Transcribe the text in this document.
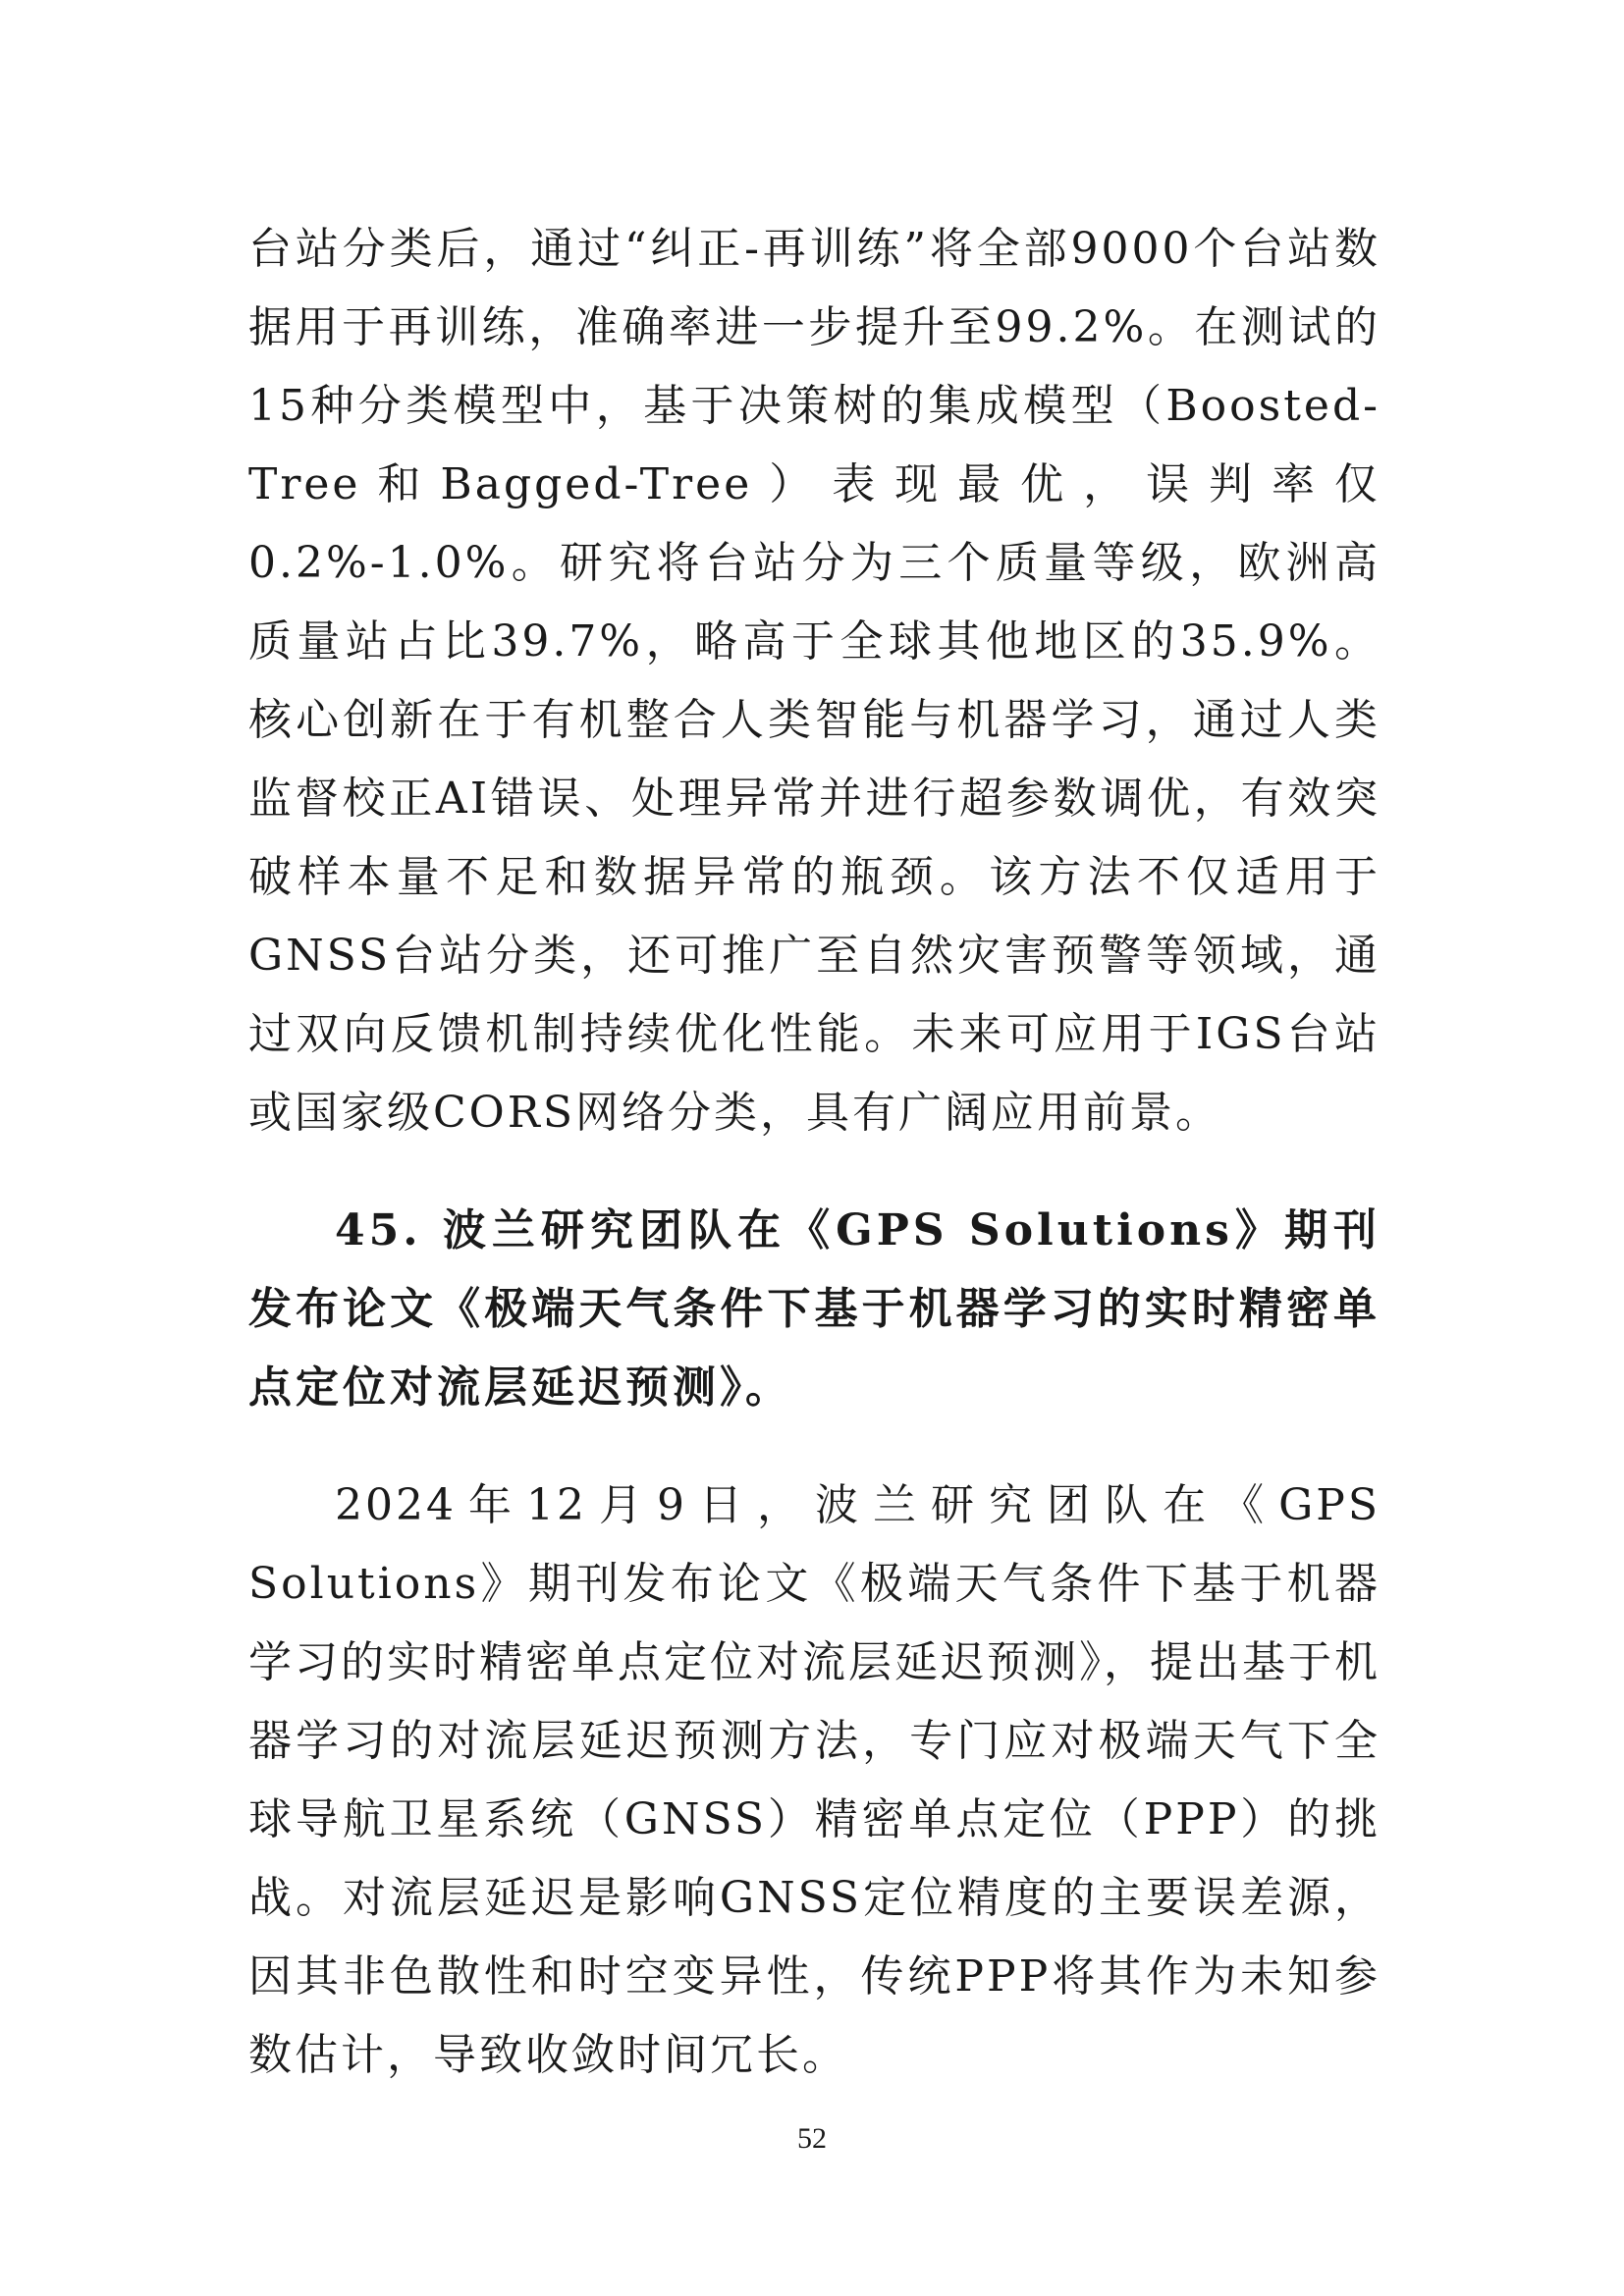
台站分类后，通过“纠正-再训练”将全部9000个台站数据用于再训练，准确率进一步提升至99.2%。在测试的15种分类模型中，基于决策树的集成模型（Boosted-Tree和Bagged-Tree）表现最优，误判率仅0.2%-1.0%。研究将台站分为三个质量等级，欧洲高质量站占比39.7%，略高于全球其他地区的35.9%。核心创新在于有机整合人类智能与机器学习，通过人类监督校正AI错误、处理异常并进行超参数调优，有效突破样本量不足和数据异常的瓶颈。该方法不仅适用于GNSS台站分类，还可推广至自然灾害预警等领域，通过双向反馈机制持续优化性能。未来可应用于IGS台站或国家级CORS网络分类，具有广阔应用前景。

45. 波兰研究团队在《GPS Solutions》期刊发布论文《极端天气条件下基于机器学习的实时精密单点定位对流层延迟预测》。

2024年12月9日，波兰研究团队在《GPS Solutions》期刊发布论文《极端天气条件下基于机器学习的实时精密单点定位对流层延迟预测》，提出基于机器学习的对流层延迟预测方法，专门应对极端天气下全球导航卫星系统（GNSS）精密单点定位（PPP）的挑战。对流层延迟是影响GNSS定位精度的主要误差源，因其非色散性和时空变异性，传统PPP将其作为未知参数估计，导致收敛时间冗长。

52
